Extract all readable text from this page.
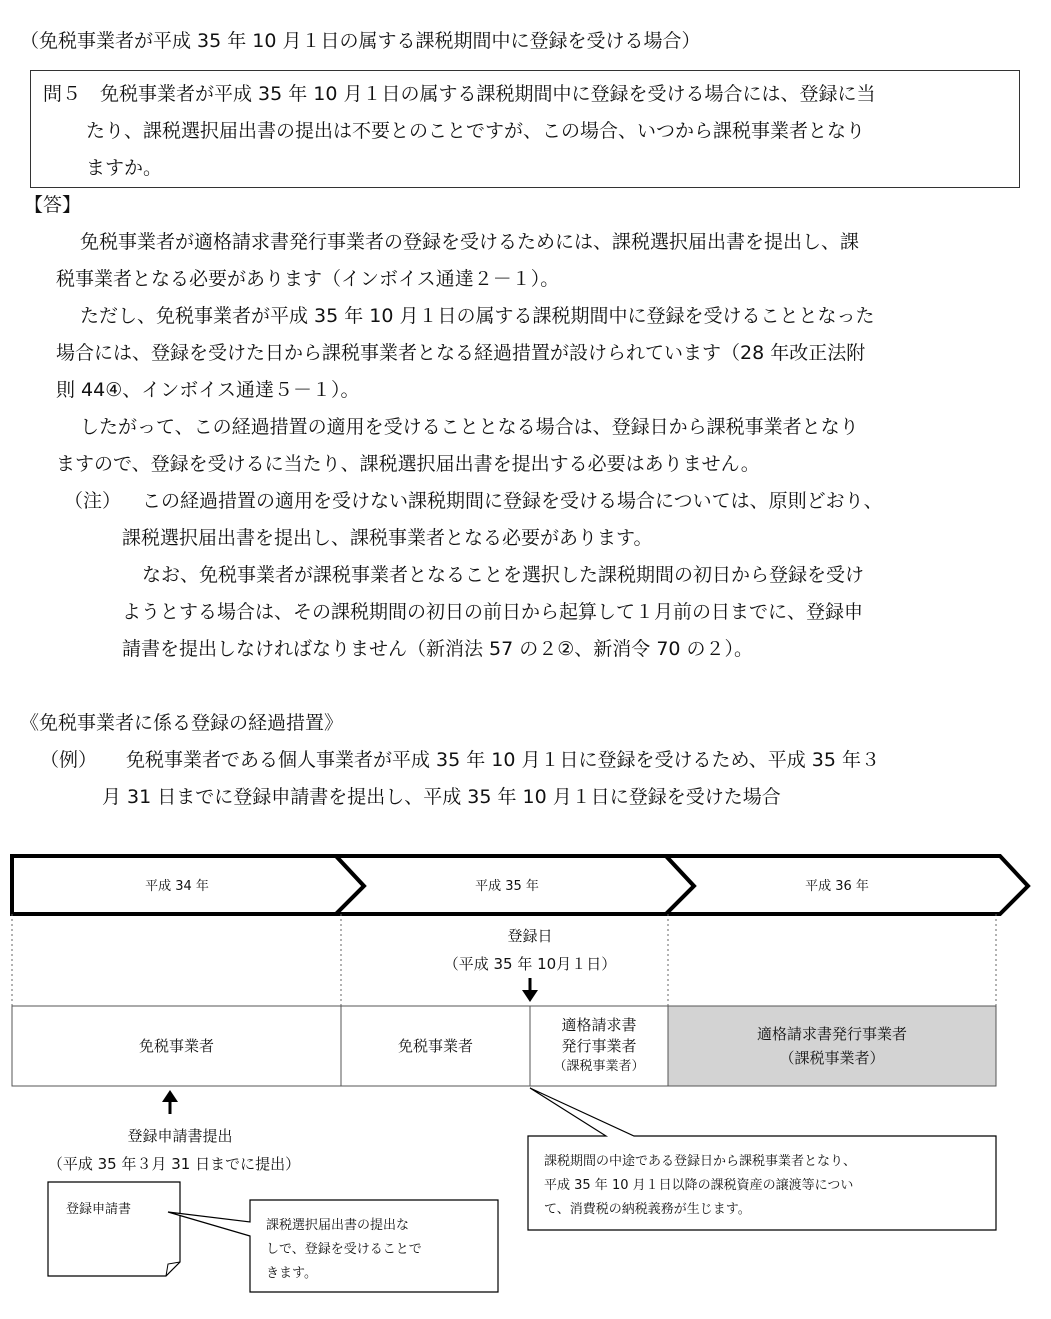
（免税事業者が平成 35 年 10 月１日の属する課税期間中に登録を受ける場合）
問５　免税事業者が平成 35 年 10 月１日の属する課税期間中に登録を受ける場合には、登録に当
たり、課税選択届出書の提出は不要とのことですが、この場合、いつから課税事業者となり
ますか。
【答】
免税事業者が適格請求書発行事業者の登録を受けるためには、課税選択届出書を提出し、課
税事業者となる必要があります（インボイス通達２－１）。
ただし、免税事業者が平成 35 年 10 月１日の属する課税期間中に登録を受けることとなった
場合には、登録を受けた日から課税事業者となる経過措置が設けられています（28 年改正法附
則 44④、インボイス通達５－１）。
したがって、この経過措置の適用を受けることとなる場合は、登録日から課税事業者となり
ますので、登録を受けるに当たり、課税選択届出書を提出する必要はありません。
（注） この経過措置の適用を受けない課税期間に登録を受ける場合については、原則どおり、
課税選択届出書を提出し、課税事業者となる必要があります。
なお、免税事業者が課税事業者となることを選択した課税期間の初日から登録を受け
ようとする場合は、その課税期間の初日の前日から起算して１月前の日までに、登録申
請書を提出しなければなりません（新消法 57 の２②、新消令 70 の２）。
《免税事業者に係る登録の経過措置》
（例） 免税事業者である個人事業者が平成 35 年 10 月１日に登録を受けるため、平成 35 年３
月 31 日までに登録申請書を提出し、平成 35 年 10 月１日に登録を受けた場合
平成 34 年	平成 35 年	平成 36 年
登録日
（平成 35 年 10月１日）
免税事業者	免税事業者
適格請求書
発行事業者
（課税事業者）
適格請求書発行事業者
（課税事業者）
登録申請書提出
（平成 35 年３月 31 日までに提出）
登録申請書
課税選択届出書の提出な
しで、登録を受けることで
きます。
課税期間の中途である登録日から課税事業者となり、
平成 35 年 10 月１日以降の課税資産の譲渡等につい
て、消費税の納税義務が生じます。
